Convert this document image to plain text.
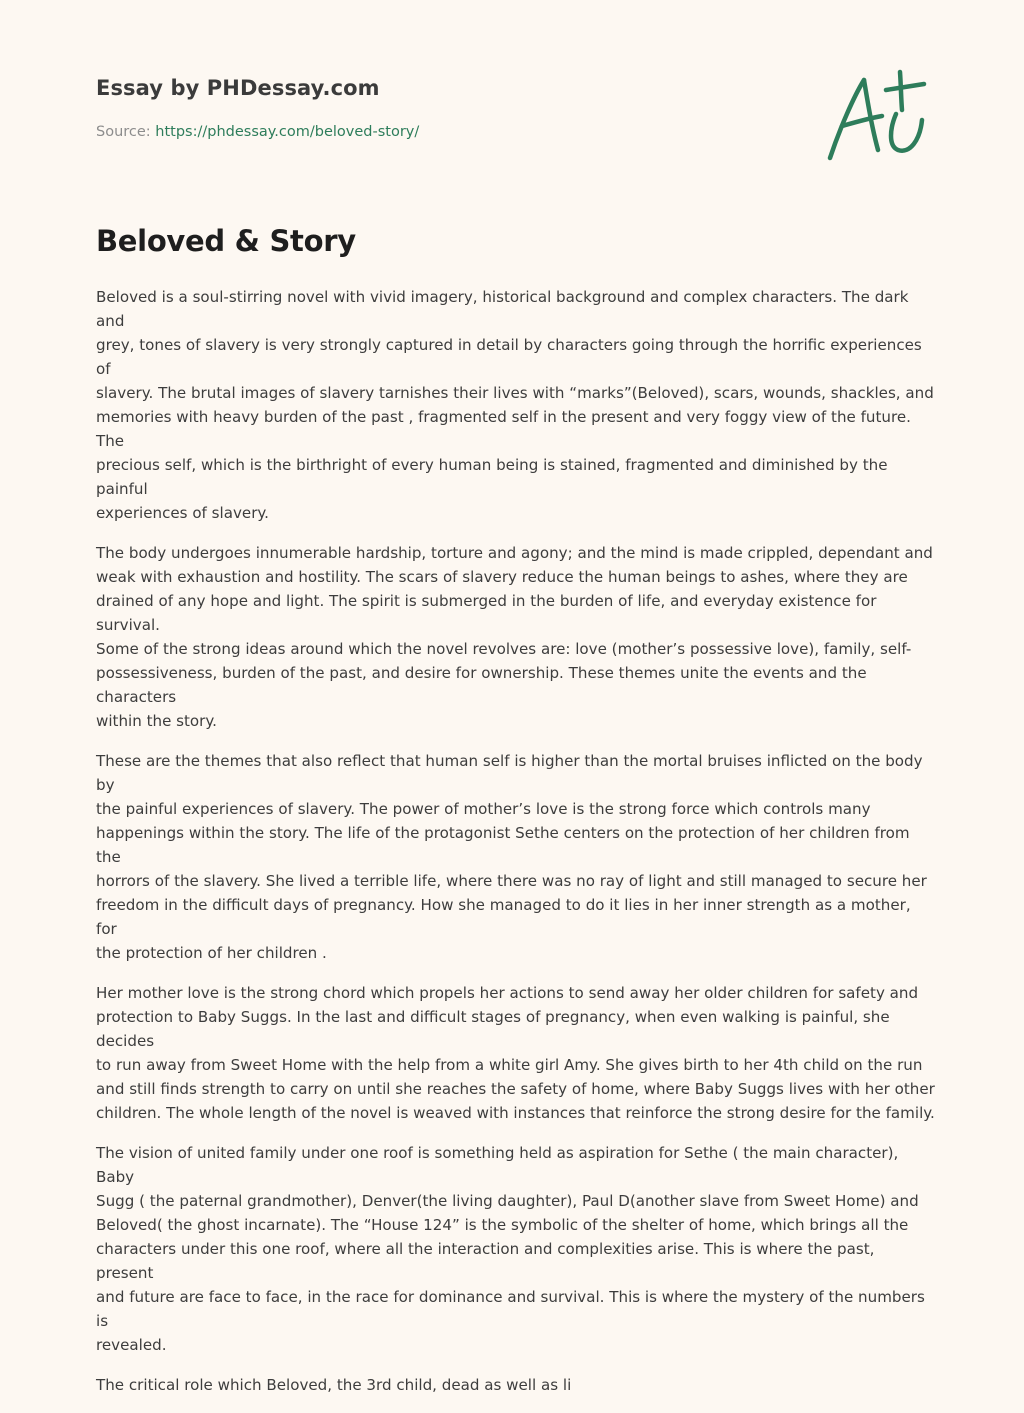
Essay by PHDessay.com
Source: https://phdessay.com/beloved-story/
Beloved & Story

Beloved is a soul-stirring novel with vivid imagery, historical background and complex characters. The dark and
grey, tones of slavery is very strongly captured in detail by characters going through the horrific experiences of
slavery. The brutal images of slavery tarnishes their lives with “marks”(Beloved), scars, wounds, shackles, and
memories with heavy burden of the past , fragmented self in the present and very foggy view of the future. The
precious self, which is the birthright of every human being is stained, fragmented and diminished by the painful
experiences of slavery.

The body undergoes innumerable hardship, torture and agony; and the mind is made crippled, dependant and
weak with exhaustion and hostility. The scars of slavery reduce the human beings to ashes, where they are
drained of any hope and light. The spirit is submerged in the burden of life, and everyday existence for survival.
Some of the strong ideas around which the novel revolves are: love (mother’s possessive love), family, self-
possessiveness, burden of the past, and desire for ownership. These themes unite the events and the characters
within the story.

These are the themes that also reflect that human self is higher than the mortal bruises inflicted on the body by
the painful experiences of slavery. The power of mother’s love is the strong force which controls many
happenings within the story. The life of the protagonist Sethe centers on the protection of her children from the
horrors of the slavery. She lived a terrible life, where there was no ray of light and still managed to secure her
freedom in the difficult days of pregnancy. How she managed to do it lies in her inner strength as a mother, for
the protection of her children .

Her mother love is the strong chord which propels her actions to send away her older children for safety and
protection to Baby Suggs. In the last and difficult stages of pregnancy, when even walking is painful, she decides
to run away from Sweet Home with the help from a white girl Amy. She gives birth to her 4th child on the run
and still finds strength to carry on until she reaches the safety of home, where Baby Suggs lives with her other
children. The whole length of the novel is weaved with instances that reinforce the strong desire for the family.

The vision of united family under one roof is something held as aspiration for Sethe ( the main character), Baby
Sugg ( the paternal grandmother), Denver(the living daughter), Paul D(another slave from Sweet Home) and
Beloved( the ghost incarnate). The “House 124” is the symbolic of the shelter of home, which brings all the
characters under this one roof, where all the interaction and complexities arise. This is where the past, present
and future are face to face, in the race for dominance and survival. This is where the mystery of the numbers is
revealed.

The critical role which Beloved, the 3rd child, dead as well as li
